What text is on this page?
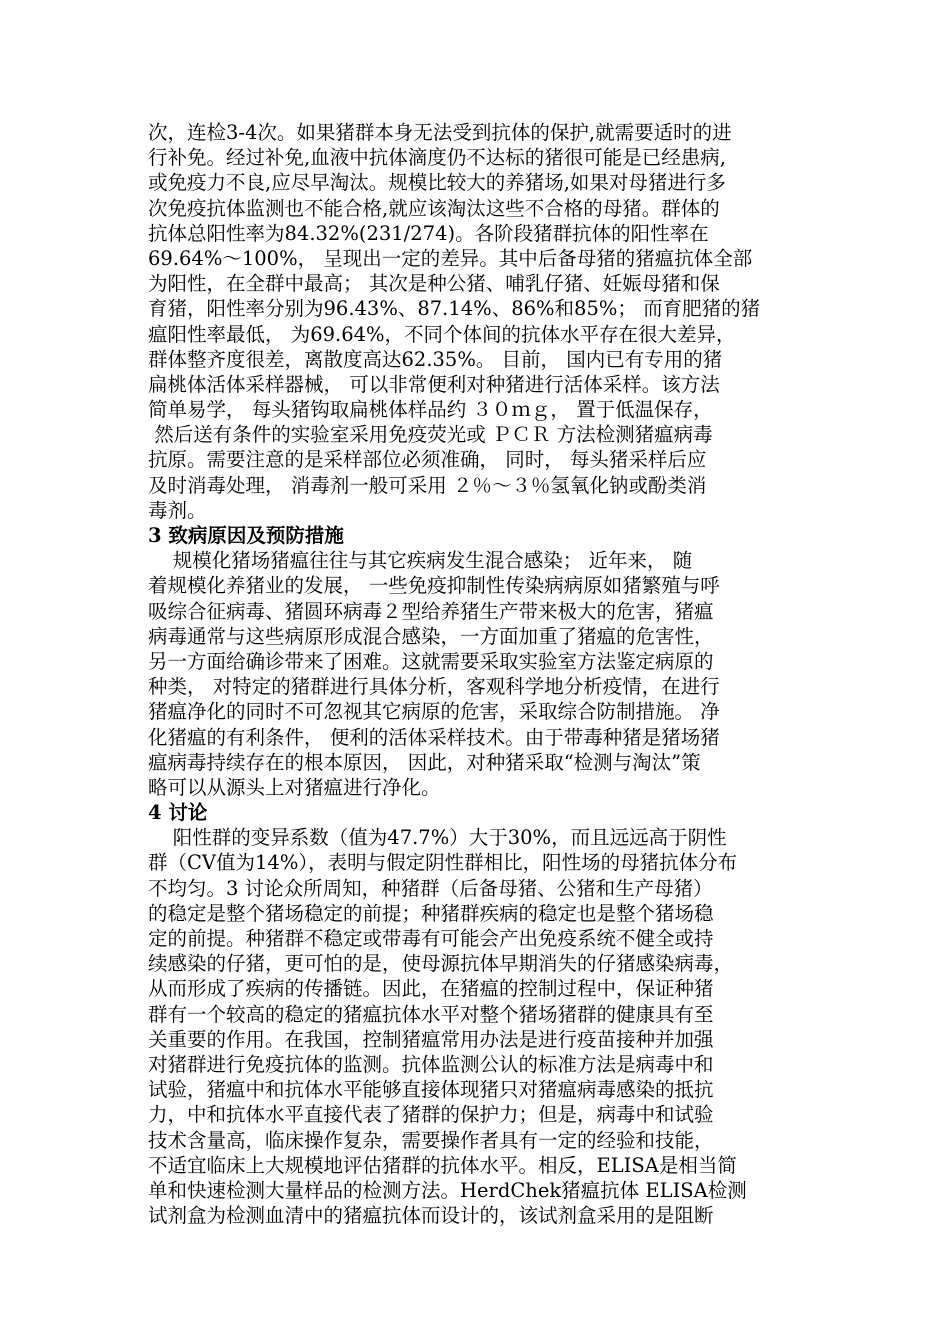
次，连检3-4次。如果猪群本身无法受到抗体的保护,就需要适时的进
行补免。经过补免,血液中抗体滴度仍不达标的猪很可能是已经患病,
或免疫力不良,应尽早淘汰。规模比较大的养猪场,如果对母猪进行多
次免疫抗体监测也不能合格,就应该淘汰这些不合格的母猪。群体的
抗体总阳性率为84.32%(231/274)。各阶段猪群抗体的阳性率在
69.64%～100%， 呈现出一定的差异。其中后备母猪的猪瘟抗体全部
为阳性，在全群中最高； 其次是种公猪、哺乳仔猪、妊娠母猪和保
育猪，阳性率分别为96.43%、87.14%、86%和85%； 而育肥猪的猪
瘟阳性率最低， 为69.64%，不同个体间的抗体水平存在很大差异，
群体整齐度很差，离散度高达62.35%。 目前， 国内已有专用的猪
扁桃体活体采样器械， 可以非常便利对种猪进行活体采样。该方法
简单易学， 每头猪钩取扁桃体样品约 ３０ｍｇ， 置于低温保存，
然后送有条件的实验室采用免疫荧光或 ＰＣＲ 方法检测猪瘟病毒
抗原。需要注意的是采样部位必须准确， 同时， 每头猪采样后应
及时消毒处理， 消毒剂一般可采用 ２％～３％氢氧化钠或酚类消
毒剂。
3 致病原因及预防措施
规模化猪场猪瘟往往与其它疾病发生混合感染； 近年来， 随
着规模化养猪业的发展， 一些免疫抑制性传染病病原如猪繁殖与呼
吸综合征病毒、猪圆环病毒２型给养猪生产带来极大的危害，猪瘟
病毒通常与这些病原形成混合感染，一方面加重了猪瘟的危害性，
另一方面给确诊带来了困难。这就需要采取实验室方法鉴定病原的
种类， 对特定的猪群进行具体分析，客观科学地分析疫情，在进行
猪瘟净化的同时不可忽视其它病原的危害，采取综合防制措施。 净
化猪瘟的有利条件， 便利的活体采样技术。由于带毒种猪是猪场猪
瘟病毒持续存在的根本原因， 因此，对种猪采取“检测与淘汰”策
略可以从源头上对猪瘟进行净化。
4 讨论
阳性群的变异系数（值为47.7%）大于30%，而且远远高于阴性
群（CV值为14%），表明与假定阴性群相比，阳性场的母猪抗体分布
不均匀。3 讨论众所周知，种猪群（后备母猪、公猪和生产母猪）
的稳定是整个猪场稳定的前提；种猪群疾病的稳定也是整个猪场稳
定的前提。种猪群不稳定或带毒有可能会产出免疫系统不健全或持
续感染的仔猪，更可怕的是，使母源抗体早期消失的仔猪感染病毒，
从而形成了疾病的传播链。因此，在猪瘟的控制过程中，保证种猪
群有一个较高的稳定的猪瘟抗体水平对整个猪场猪群的健康具有至
关重要的作用。在我国，控制猪瘟常用办法是进行疫苗接种并加强
对猪群进行免疫抗体的监测。抗体监测公认的标准方法是病毒中和
试验，猪瘟中和抗体水平能够直接体现猪只对猪瘟病毒感染的抵抗
力，中和抗体水平直接代表了猪群的保护力；但是，病毒中和试验
技术含量高，临床操作复杂，需要操作者具有一定的经验和技能，
不适宜临床上大规模地评估猪群的抗体水平。相反，ELISA是相当简
单和快速检测大量样品的检测方法。HerdChek猪瘟抗体 ELISA检测
试剂盒为检测血清中的猪瘟抗体而设计的，该试剂盒采用的是阻断
